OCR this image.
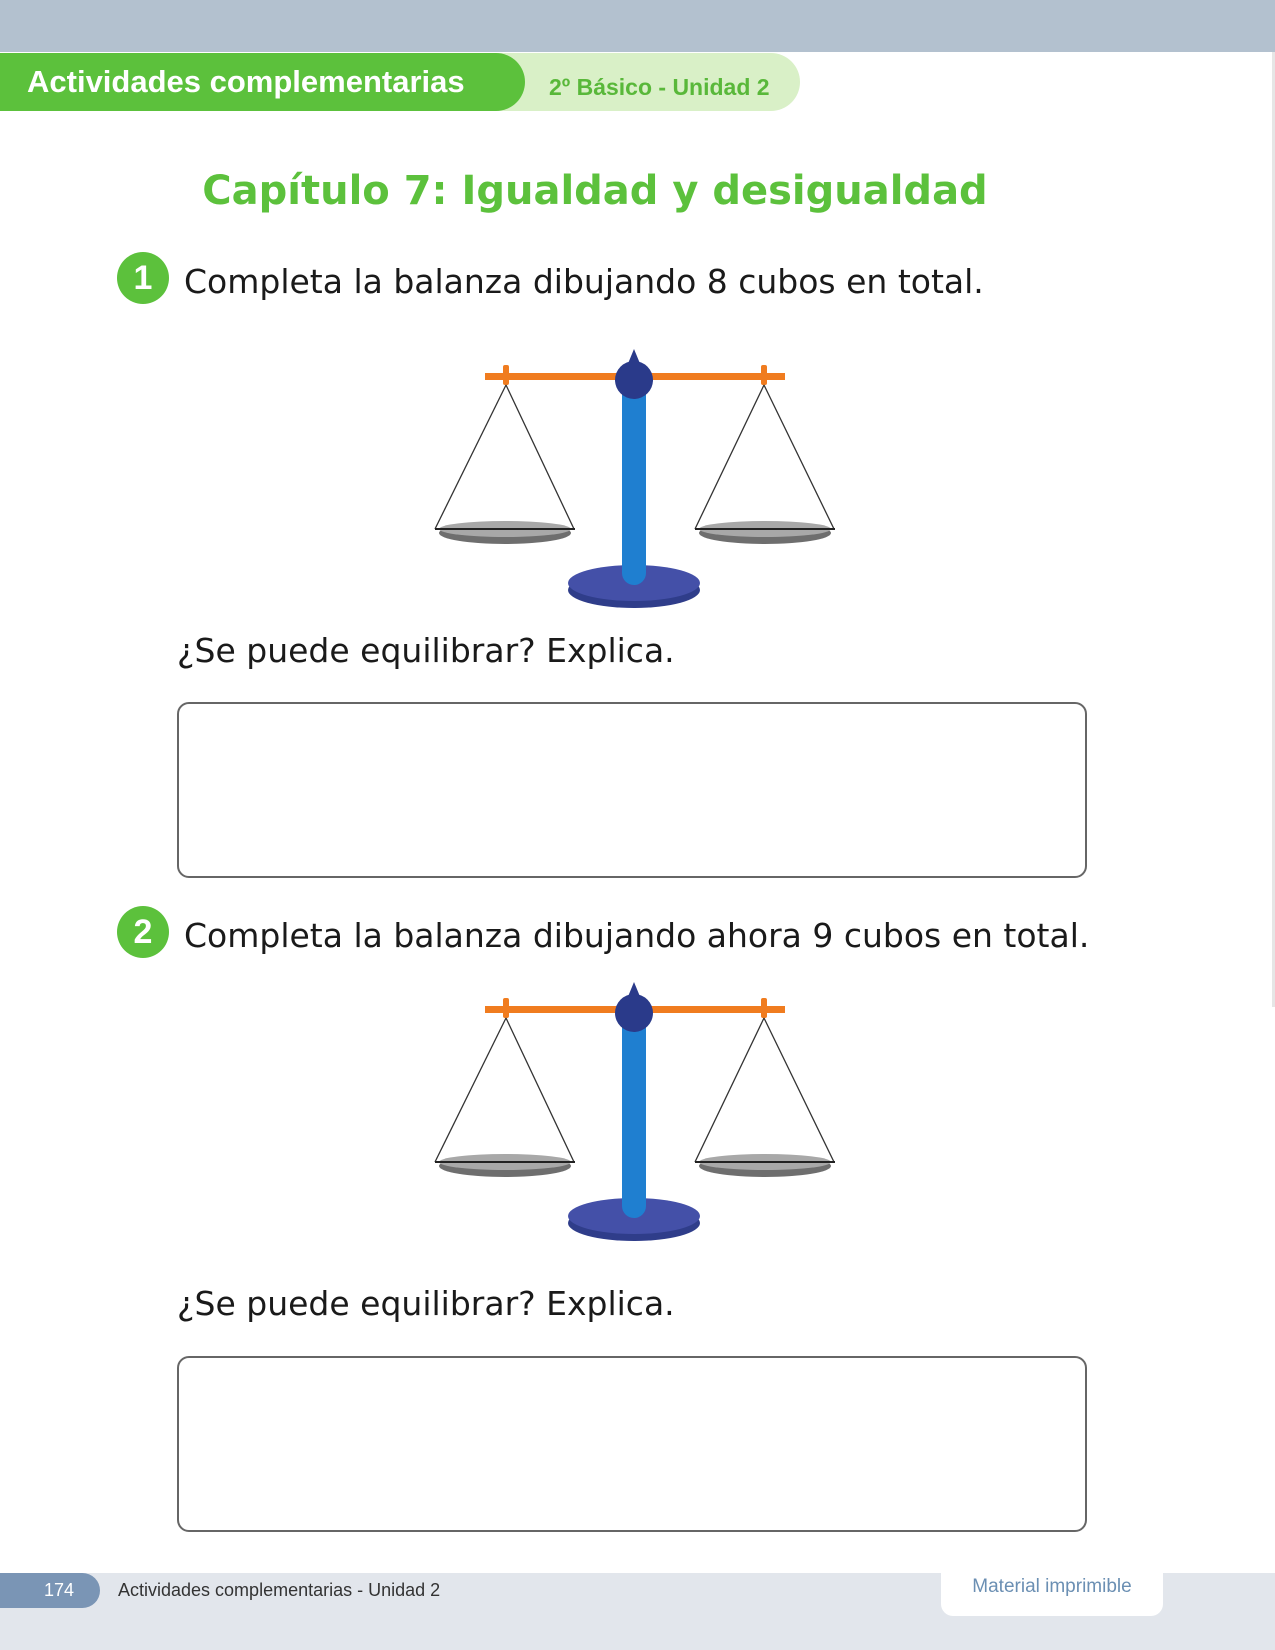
Actividades complementarias	2º Básico - Unidad 2
Capítulo 7: Igualdad y desigualdad
1 Completa la balanza dibujando 8 cubos en total.
¿Se puede equilibrar? Explica.
2 Completa la balanza dibujando ahora 9 cubos en total.
¿Se puede equilibrar? Explica.
174 Actividades complementarias - Unidad 2	Material imprimible
